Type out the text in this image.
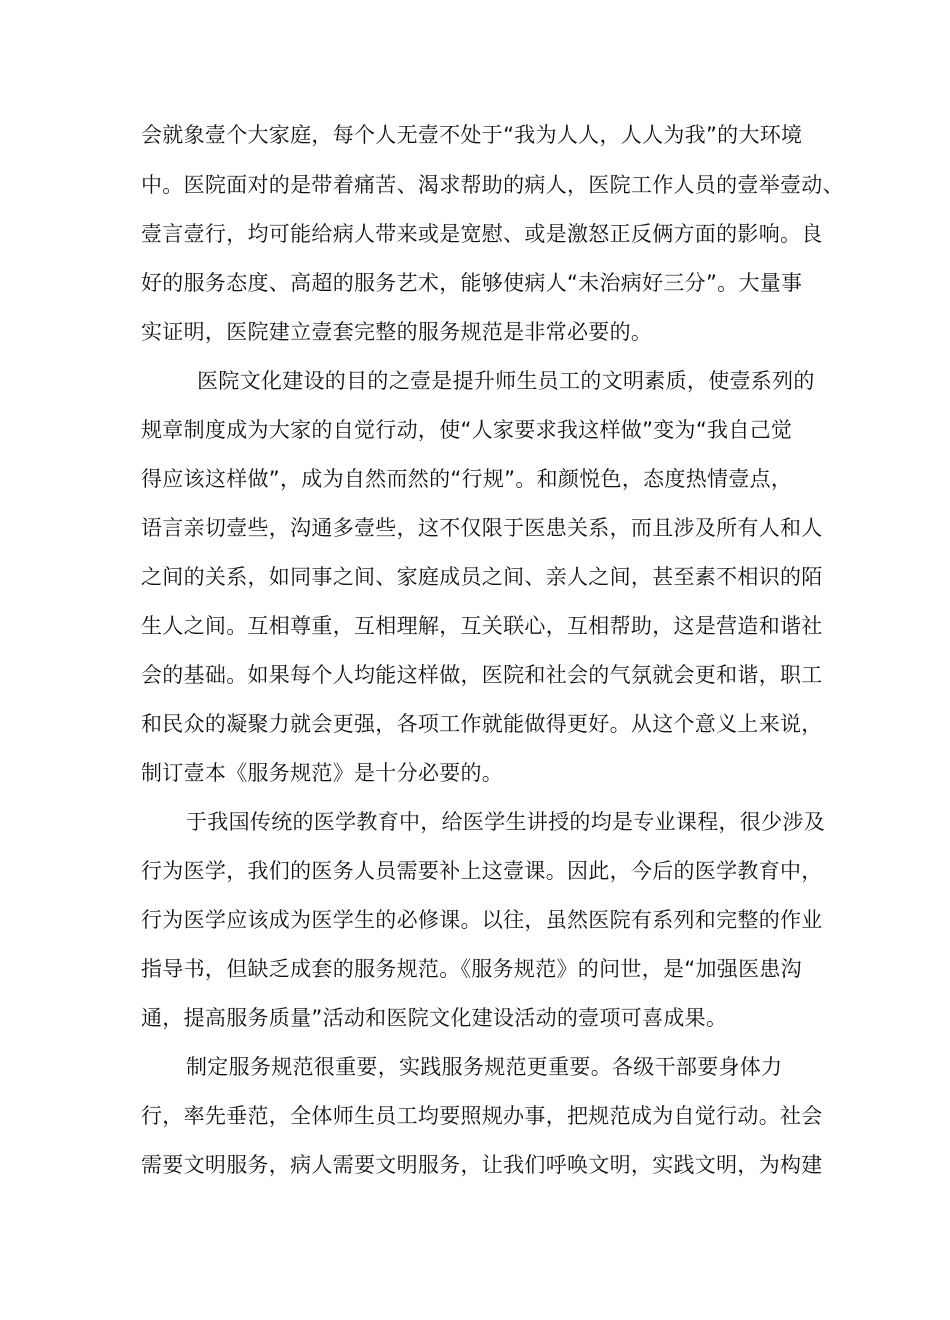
会就象壹个大家庭，每个人无壹不处于“我为人人，人人为我”的大环境
中。医院面对的是带着痛苦、渴求帮助的病人，医院工作人员的壹举壹动、
壹言壹行，均可能给病人带来或是宽慰、或是激怒正反俩方面的影响。良
好的服务态度、高超的服务艺术，能够使病人“未治病好三分”。大量事
实证明，医院建立壹套完整的服务规范是非常必要的。
医院文化建设的目的之壹是提升师生员工的文明素质，使壹系列的
规章制度成为大家的自觉行动，使“人家要求我这样做”变为“我自己觉
得应该这样做”，成为自然而然的“行规”。和颜悦色，态度热情壹点，
语言亲切壹些，沟通多壹些，这不仅限于医患关系，而且涉及所有人和人
之间的关系，如同事之间、家庭成员之间、亲人之间，甚至素不相识的陌
生人之间。互相尊重，互相理解，互关联心，互相帮助，这是营造和谐社
会的基础。如果每个人均能这样做，医院和社会的气氛就会更和谐，职工
和民众的凝聚力就会更强，各项工作就能做得更好。从这个意义上来说，
制订壹本《服务规范》是十分必要的。
于我国传统的医学教育中，给医学生讲授的均是专业课程，很少涉及
行为医学，我们的医务人员需要补上这壹课。因此，今后的医学教育中，
行为医学应该成为医学生的必修课。以往，虽然医院有系列和完整的作业
指导书，但缺乏成套的服务规范。《服务规范》的问世，是“加强医患沟
通，提高服务质量”活动和医院文化建设活动的壹项可喜成果。
制定服务规范很重要，实践服务规范更重要。各级干部要身体力
行，率先垂范，全体师生员工均要照规办事，把规范成为自觉行动。社会
需要文明服务，病人需要文明服务，让我们呼唤文明，实践文明，为构建
